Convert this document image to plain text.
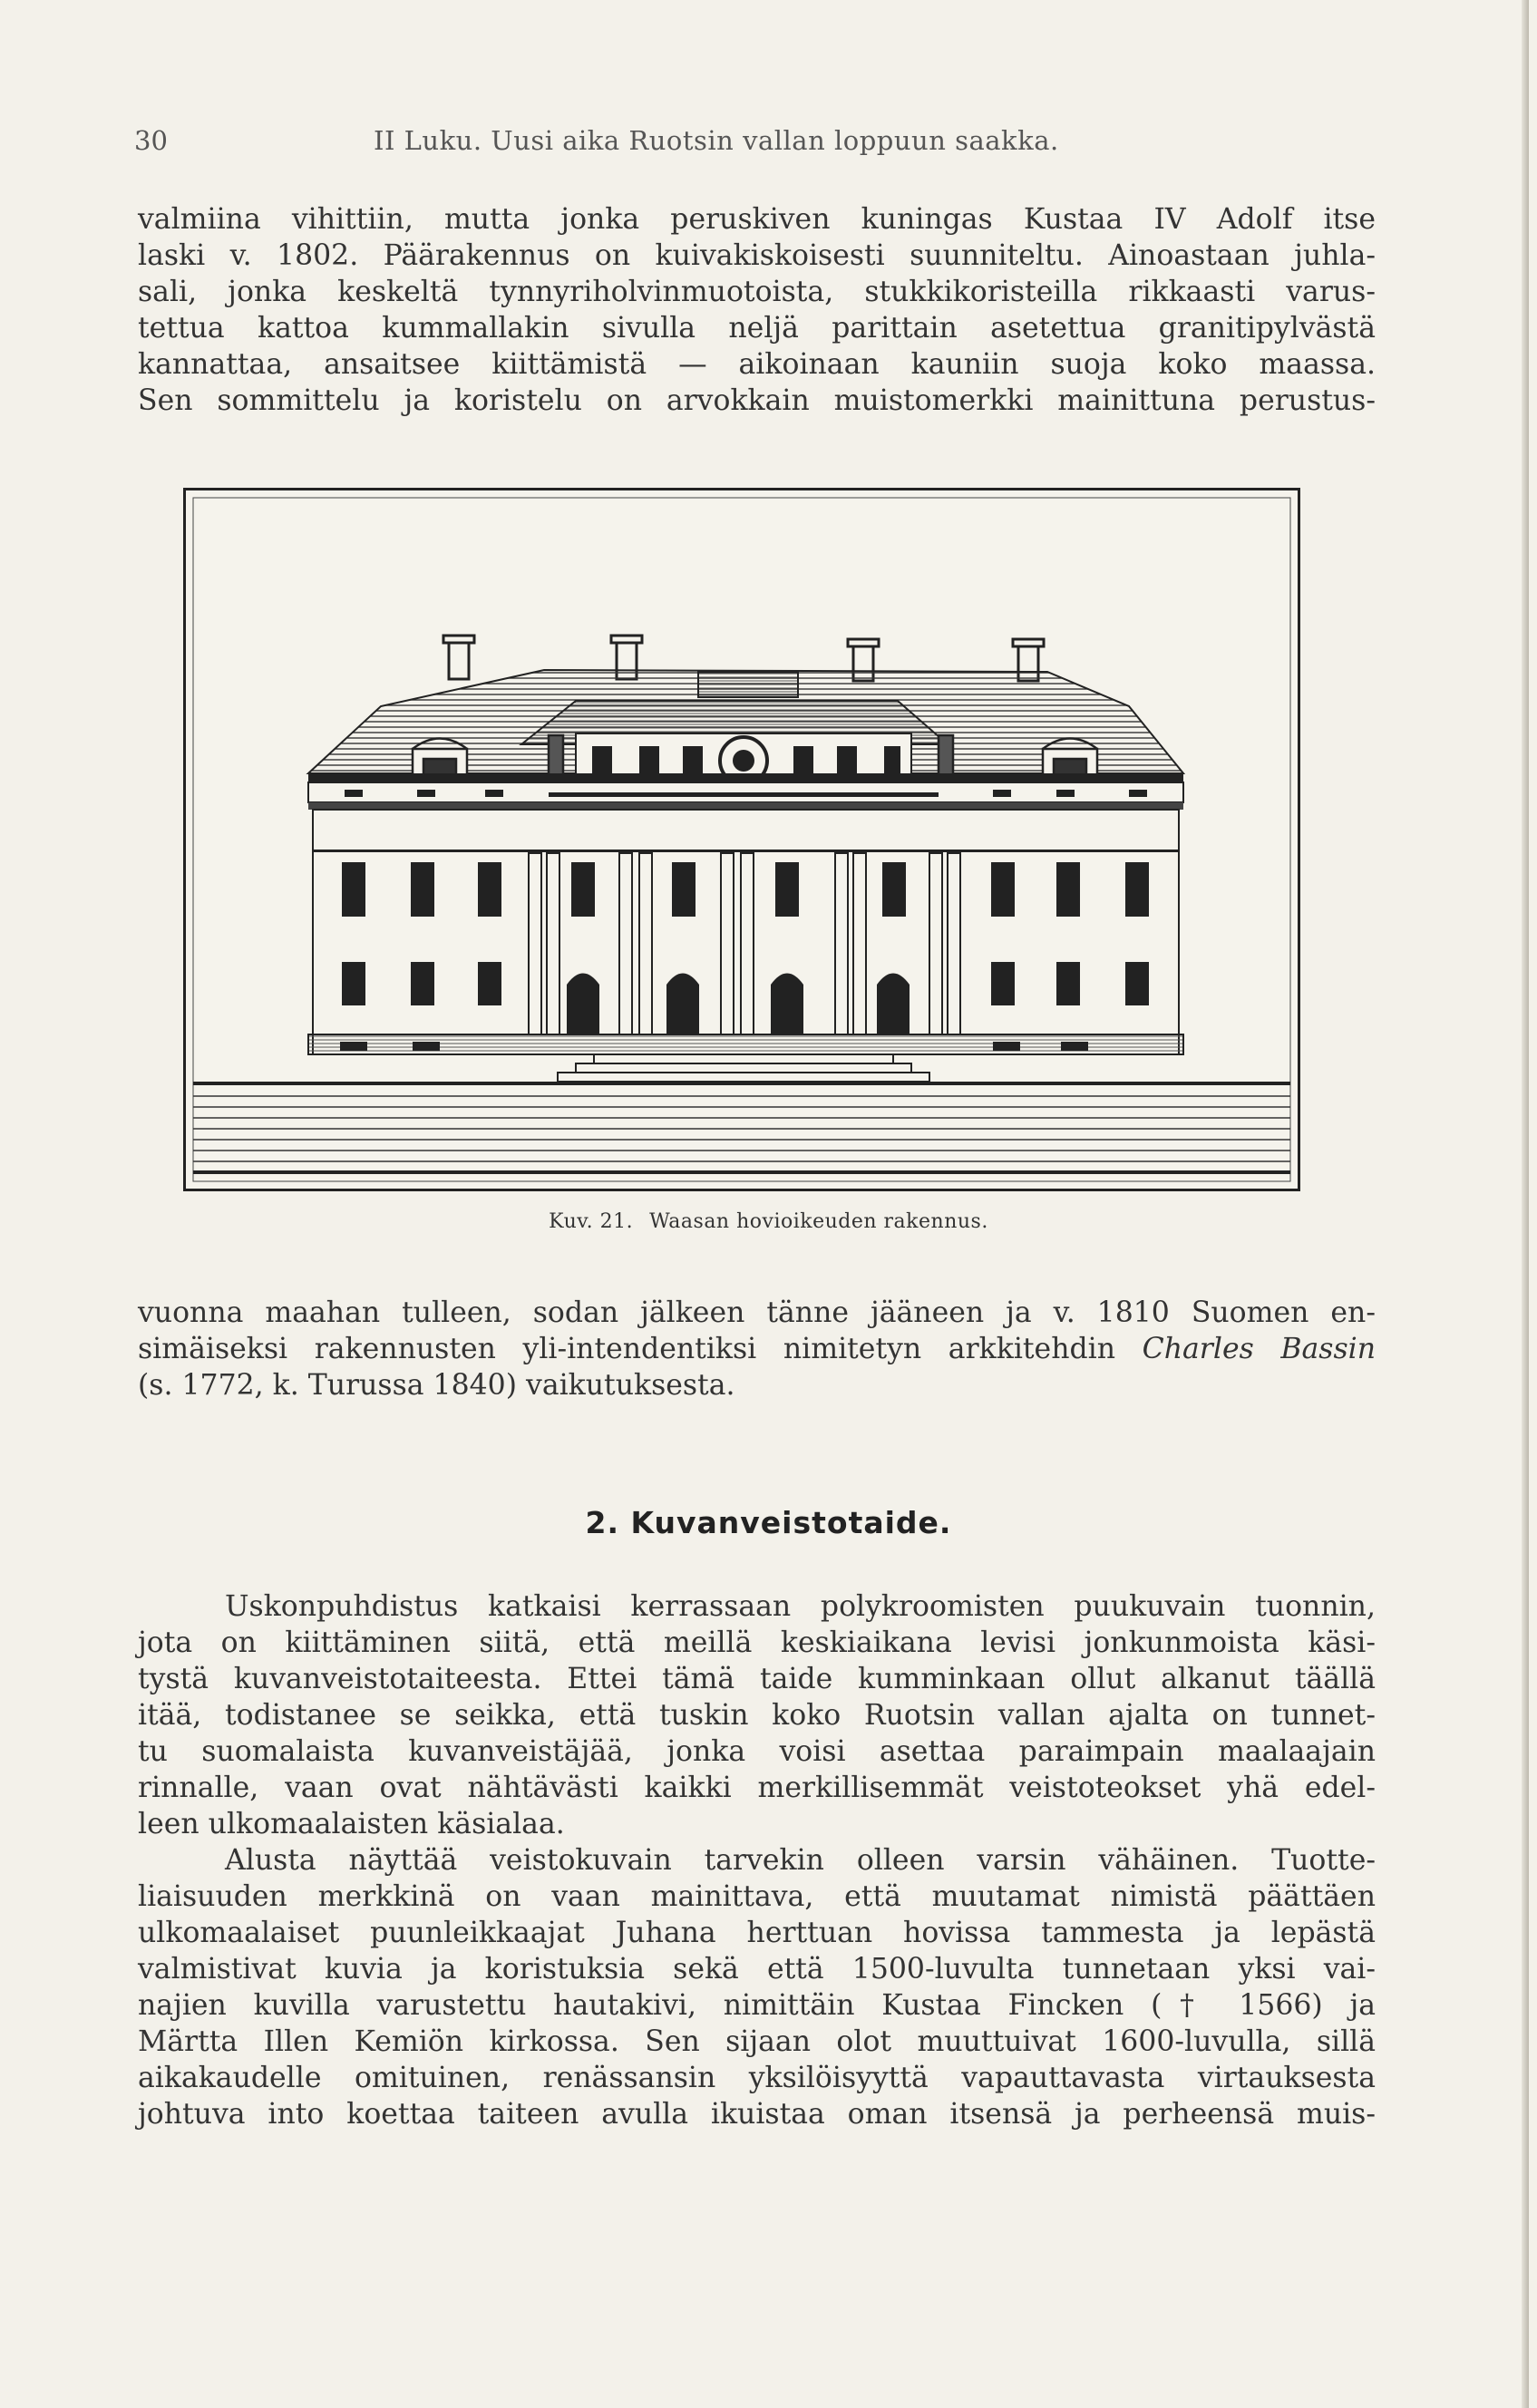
30	II Luku. Uusi aika Ruotsin vallan loppuun saakka.
valmiina vihittiin, mutta jonka peruskiven kuningas Kustaa IV Adolf itse
laski v. 1802. Päärakennus on kuivakiskoisesti suunniteltu. Ainoastaan juhla-
sali, jonka keskeltä tynnyriholvinmuotoista, stukkikoristeilla rikkaasti varus-
tettua kattoa kummallakin sivulla neljä parittain asetettua granitipylvästä
kannattaa, ansaitsee kiittämistä — aikoinaan kauniin suoja koko maassa.
Sen sommittelu ja koristelu on arvokkain muistomerkki mainittuna perustus-
Kuv. 21. Waasan hovioikeuden rakennus.
vuonna maahan tulleen, sodan jälkeen tänne jääneen ja v. 1810 Suomen en-
simäiseksi rakennusten yli-intendentiksi nimitetyn arkkitehdin Charles Bassin
(s. 1772, k. Turussa 1840) vaikutuksesta.
2. Kuvanveistotaide.
Uskonpuhdistus katkaisi kerrassaan polykroomisten puukuvain tuonnin,
jota on kiittäminen siitä, että meillä keskiaikana levisi jonkunmoista käsi-
tystä kuvanveistotaiteesta. Ettei tämä taide kumminkaan ollut alkanut täällä
itää, todistanee se seikka, että tuskin koko Ruotsin vallan ajalta on tunnet-
tu suomalaista kuvanveistäjää, jonka voisi asettaa paraimpain maalaajain
rinnalle, vaan ovat nähtävästi kaikki merkillisemmät veistoteokset yhä edel-
leen ulkomaalaisten käsialaa.
Alusta näyttää veistokuvain tarvekin olleen varsin vähäinen. Tuotte-
liaisuuden merkkinä on vaan mainittava, että muutamat nimistä päättäen
ulkomaalaiset puunleikkaajat Juhana herttuan hovissa tammesta ja lepästä
valmistivat kuvia ja koristuksia sekä että 1500-luvulta tunnetaan yksi vai-
najien kuvilla varustettu hautakivi, nimittäin Kustaa Fincken († 1566) ja
Märtta Illen Kemiön kirkossa. Sen sijaan olot muuttuivat 1600-luvulla, sillä
aikakaudelle omituinen, renässansin yksilöisyyttä vapauttavasta virtauksesta
johtuva into koettaa taiteen avulla ikuistaa oman itsensä ja perheensä muis-
